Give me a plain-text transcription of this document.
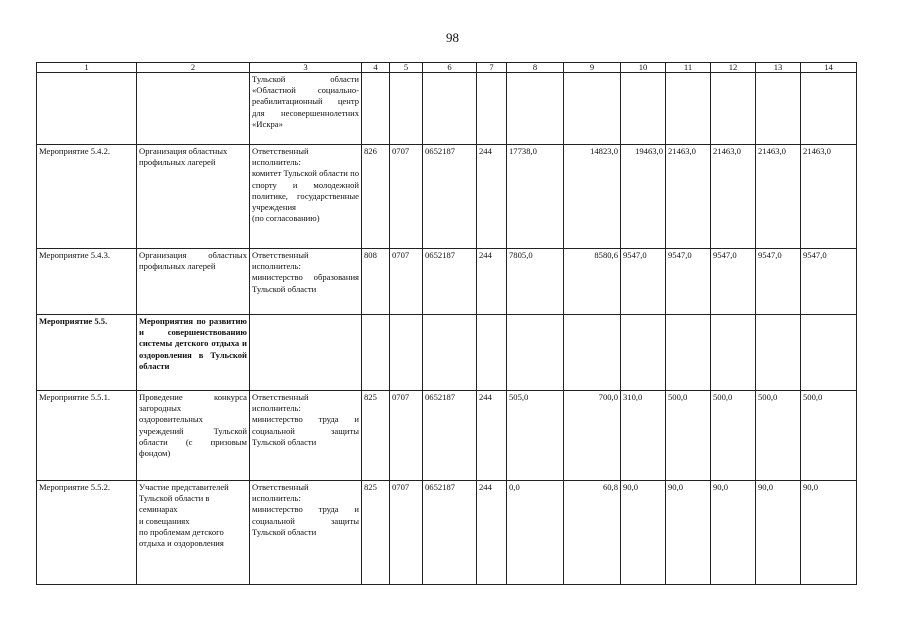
98
1	2	3	4	5	6	7	8	9	10	11	12	13	14
		Тульской области «Областной социально-реабилитационный центр для несовершеннолетних «Искра»											
Мероприятие 5.4.2.	Организация областных профильных лагерей	Ответственный исполнитель:
комитет Тульской области по спорту и молодежной политике, государственные учреждения
(по согласованию)	826	0707	0652187	244	17738,0	14823,0	19463,0	21463,0	21463,0	21463,0	21463,0
Мероприятие 5.4.3.	Организация областных профильных лагерей	Ответственный исполнитель:
министерство образования Тульской области	808	0707	0652187	244	7805,0	8580,6	9547,0	9547,0	9547,0	9547,0	9547,0
Мероприятие 5.5.	Мероприятия по развитию и совершенствованию системы детского отдыха и оздоровления в Тульской области												
Мероприятие 5.5.1.	Проведение конкурса загородных оздоровительных учреждений Тульской области (с призовым фондом)	Ответственный исполнитель:
министерство труда и социальной защиты Тульской области	825	0707	0652187	244	505,0	700,0	310,0	500,0	500,0	500,0	500,0
Мероприятие 5.5.2.	Участие представителей
Тульской области в семинарах
и совещаниях
по проблемам детского отдыха и оздоровления	Ответственный исполнитель:
министерство труда и социальной защиты Тульской области	825	0707	0652187	244	0,0	60,8	90,0	90,0	90,0	90,0	90,0
